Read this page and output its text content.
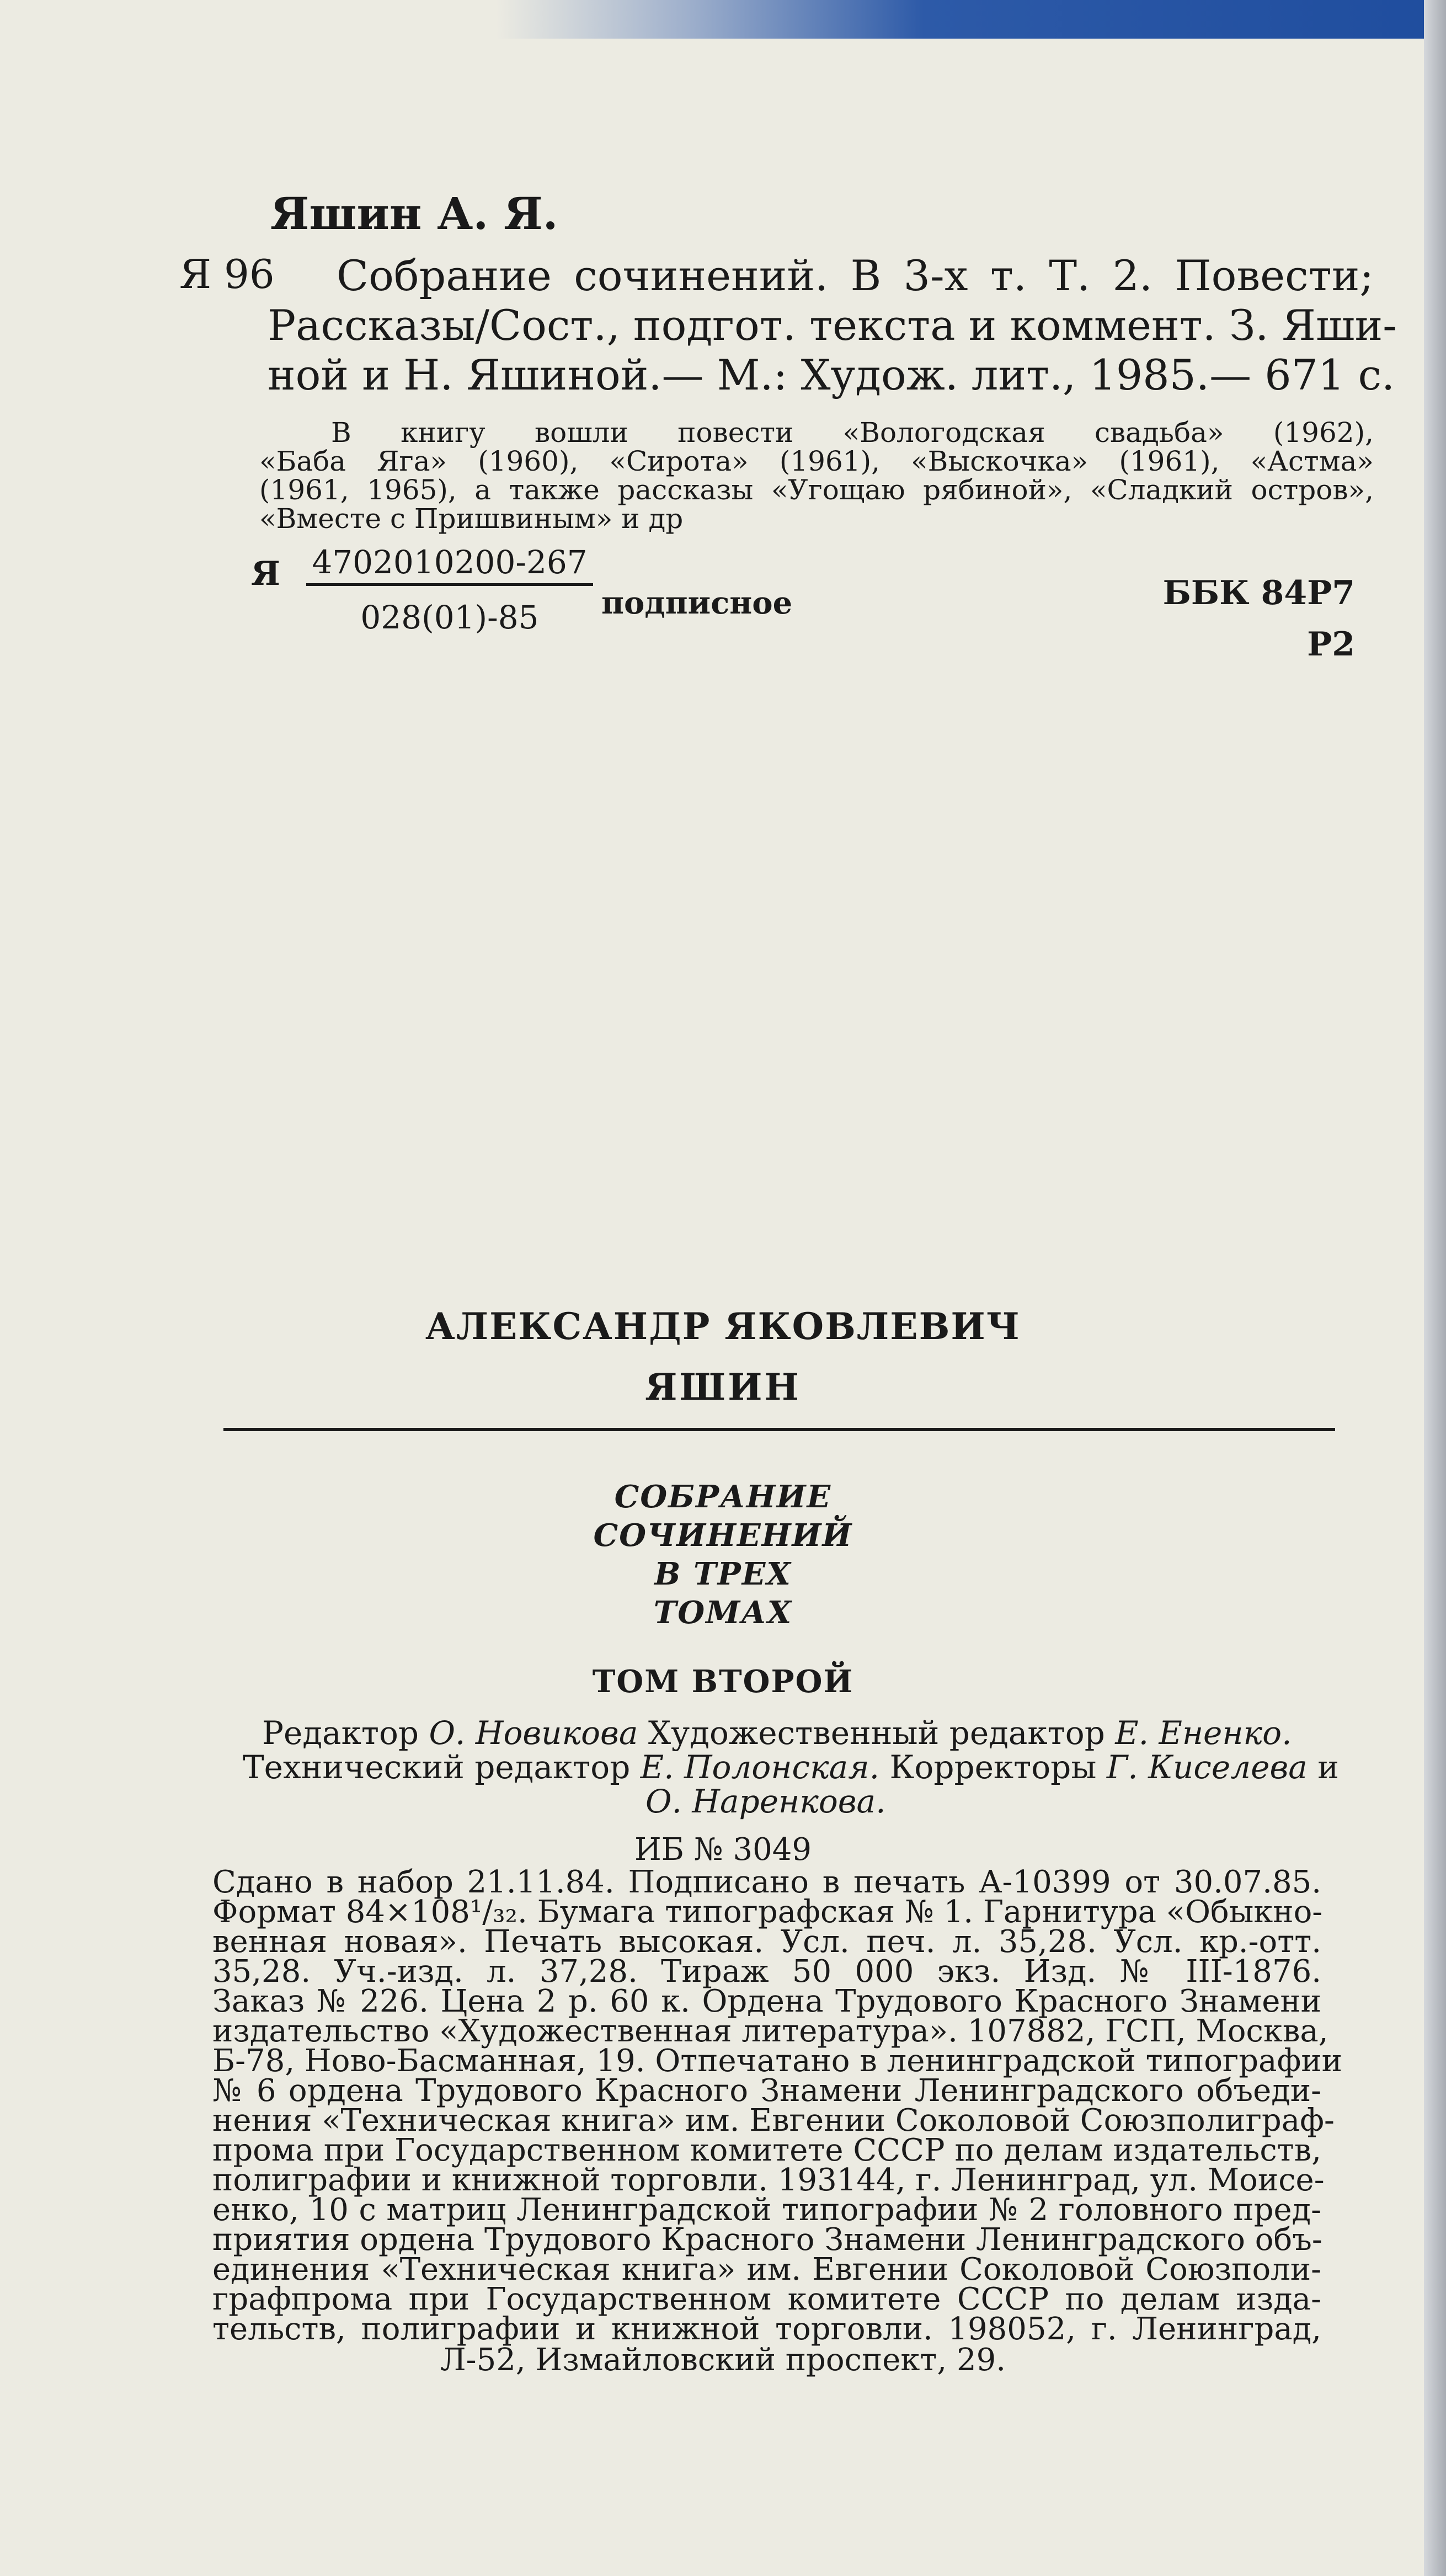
Яшин А. Я.
Я 96 Собрание сочинений. В 3-х т. Т. 2. Повести;
Рассказы/Сост., подгот. текста и коммент. З. Яши-
ной и Н. Яшиной.— М.: Худож. лит., 1985.— 671 с.
В книгу вошли повести «Вологодская свадьба» (1962),
«Баба Яга» (1960), «Сирота» (1961), «Выскочка» (1961), «Астма»
(1961, 1965), а также рассказы «Угощаю рябиной», «Сладкий остров»,
«Вместе с Пришвиным» и др
Я 4702010200-267
028(01)-85	подписное	ББК 84Р7
Р2
АЛЕКСАНДР ЯКОВЛЕВИЧ
ЯШИН
СОБРАНИЕ
СОЧИНЕНИЙ
В ТРЕХ
ТОМАХ
ТОМ ВТОРОЙ
Редактор О. Новикова Художественный редактор Е. Ененко.
Технический редактор Е. Полонская. Корректоры Г. Киселева и
О. Наренкова.
ИБ № 3049
Сдано в набор 21.11.84. Подписано в печать А-10399 от 30.07.85.
Формат 84×108¹/₃₂. Бумага типографская № 1. Гарнитура «Обыкно-
венная новая». Печать высокая. Усл. печ. л. 35,28. Усл. кр.-отт.
35,28. Уч.-изд. л. 37,28. Тираж 50 000 экз. Изд. № III-1876.
Заказ № 226. Цена 2 р. 60 к. Ордена Трудового Красного Знамени
издательство «Художественная литература». 107882, ГСП, Москва,
Б-78, Ново-Басманная, 19. Отпечатано в ленинградской типографии
№ 6 ордена Трудового Красного Знамени Ленинградского объеди-
нения «Техническая книга» им. Евгении Соколовой Союзполиграф-
прома при Государственном комитете СССР по делам издательств,
полиграфии и книжной торговли. 193144, г. Ленинград, ул. Моисе-
енко, 10 с матриц Ленинградской типографии № 2 головного пред-
приятия ордена Трудового Красного Знамени Ленинградского объ-
единения «Техническая книга» им. Евгении Соколовой Союзполи-
графпрома при Государственном комитете СССР по делам изда-
тельств, полиграфии и книжной торговли. 198052, г. Ленинград,
Л-52, Измайловский проспект, 29.
